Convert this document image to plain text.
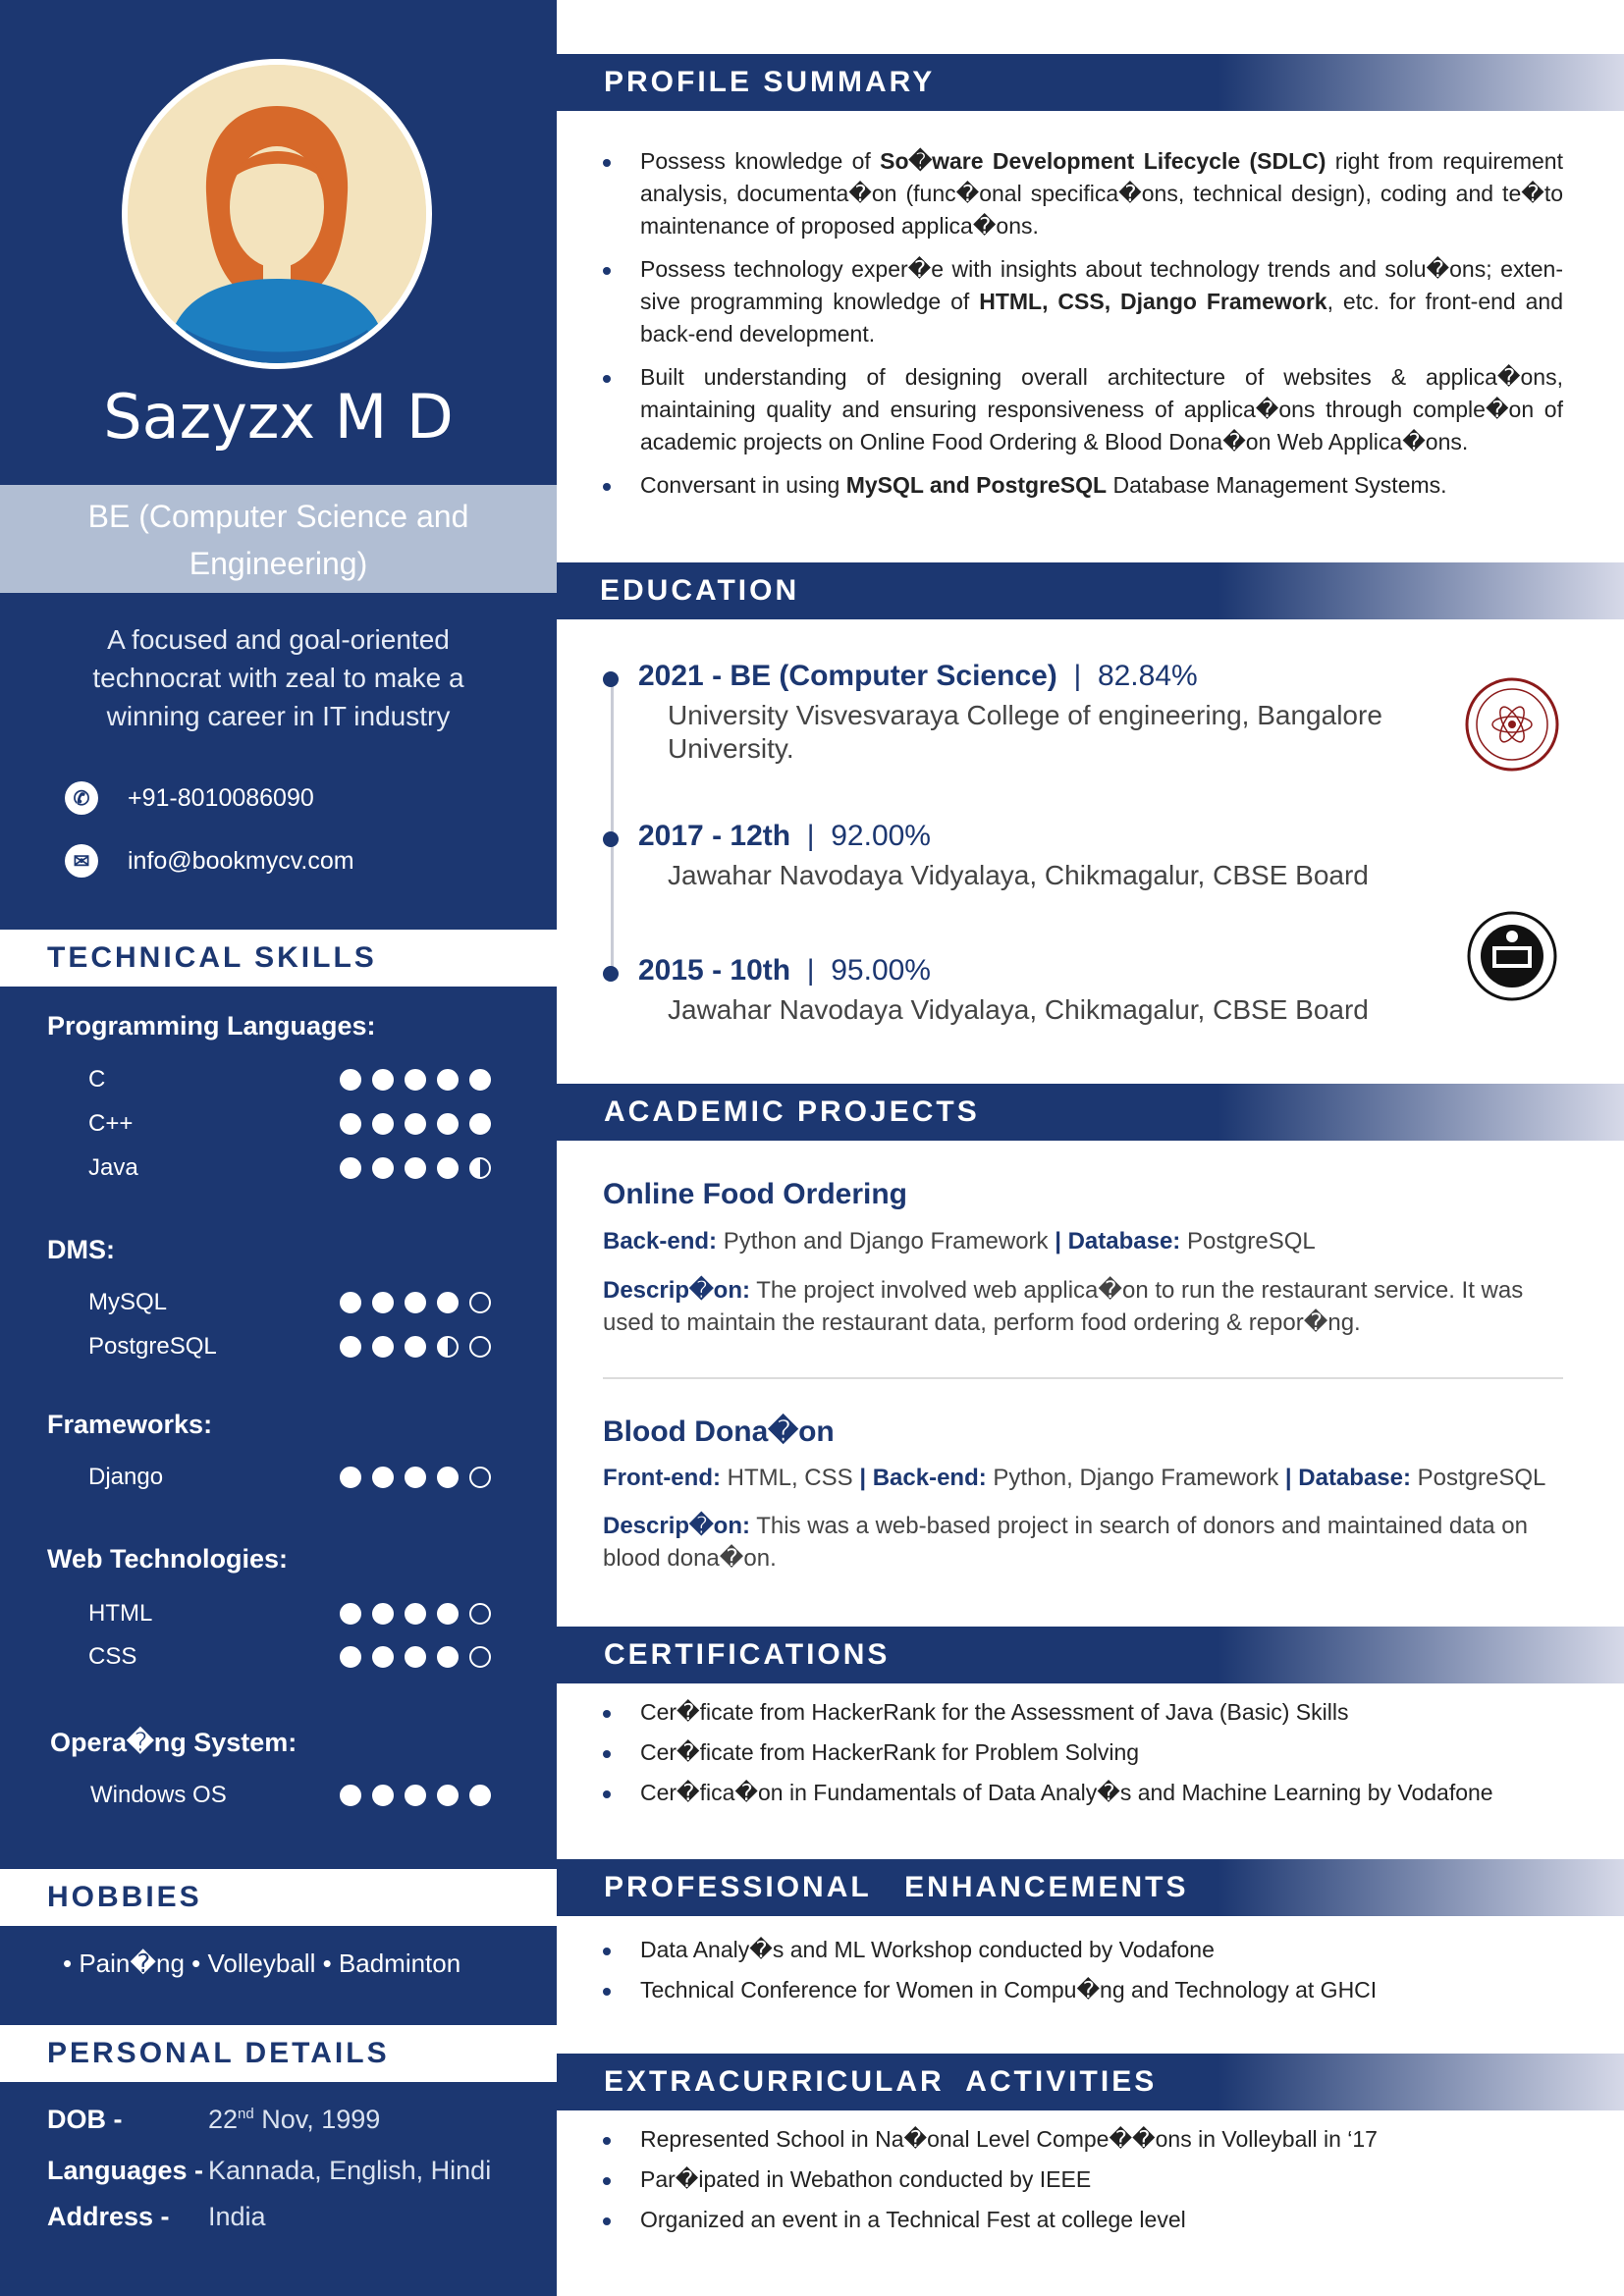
Sazyzx M D
BE (Computer Science and
Engineering)
A focused and goal-oriented technocrat with zeal to make a winning career in IT industry
✆	+91-8010086090
✉	info@bookmycv.com
TECHNICAL SKILLS
Programming Languages:
C
C++
Java
DMS:
MySQL
PostgreSQL
Frameworks:
Django
Web Technologies:
HTML
CSS
Opera�ng System:
Windows OS
HOBBIES
• Pain�ng • Volleyball • Badminton
PERSONAL DETAILS
DOB -	22nd Nov, 1999
Languages - Kannada, English, Hindi
Address - India
PROFILE SUMMARY
Possess knowledge of So�ware Development Lifecycle (SDLC) right from requirement analysis, documenta�on (func�onal specifica�ons, technical design), coding and te�to maintenance of proposed applica�ons.
Possess technology exper�e with insights about technology trends and solu�ons; exten-sive programming knowledge of HTML, CSS, Django Framework, etc. for front-end and back-end development.
Built understanding of designing overall architecture of websites & applica�ons, maintaining quality and ensuring responsiveness of applica�ons through comple�on of academic projects on Online Food Ordering & Blood Dona�on Web Applica�ons.
Conversant in using MySQL and PostgreSQL Database Management Systems.
EDUCATION
2021 - BE (Computer Science)  |  82.84%
University Visvesvaraya College of engineering, Bangalore University.
2017 - 12th  |  92.00%
Jawahar Navodaya Vidyalaya, Chikmagalur, CBSE Board
2015 - 10th  |  95.00%
Jawahar Navodaya Vidyalaya, Chikmagalur, CBSE Board
ACADEMIC PROJECTS
Online Food Ordering
Back-end: Python and Django Framework | Database: PostgreSQL
Descrip�on: The project involved web applica�on to run the restaurant service. It was used to maintain the restaurant data, perform food ordering & repor�ng.
Blood Dona�on
Front-end: HTML, CSS | Back-end: Python, Django Framework | Database: PostgreSQL
Descrip�on: This was a web-based project in search of donors and maintained data on blood dona�on.
CERTIFICATIONS
Cer�ficate from HackerRank for the Assessment of Java (Basic) Skills
Cer�ficate from HackerRank for Problem Solving
Cer�fica�on in Fundamentals of Data Analy�s and Machine Learning by Vodafone
PROFESSIONAL   ENHANCEMENTS
Data Analy�s and ML Workshop conducted by Vodafone
Technical Conference for Women in Compu�ng and Technology at GHCI
EXTRACURRICULAR  ACTIVITIES
Represented School in Na�onal Level Compe��ons in Volleyball in ‘17
Par�ipated in Webathon conducted by IEEE
Organized an event in a Technical Fest at college level
